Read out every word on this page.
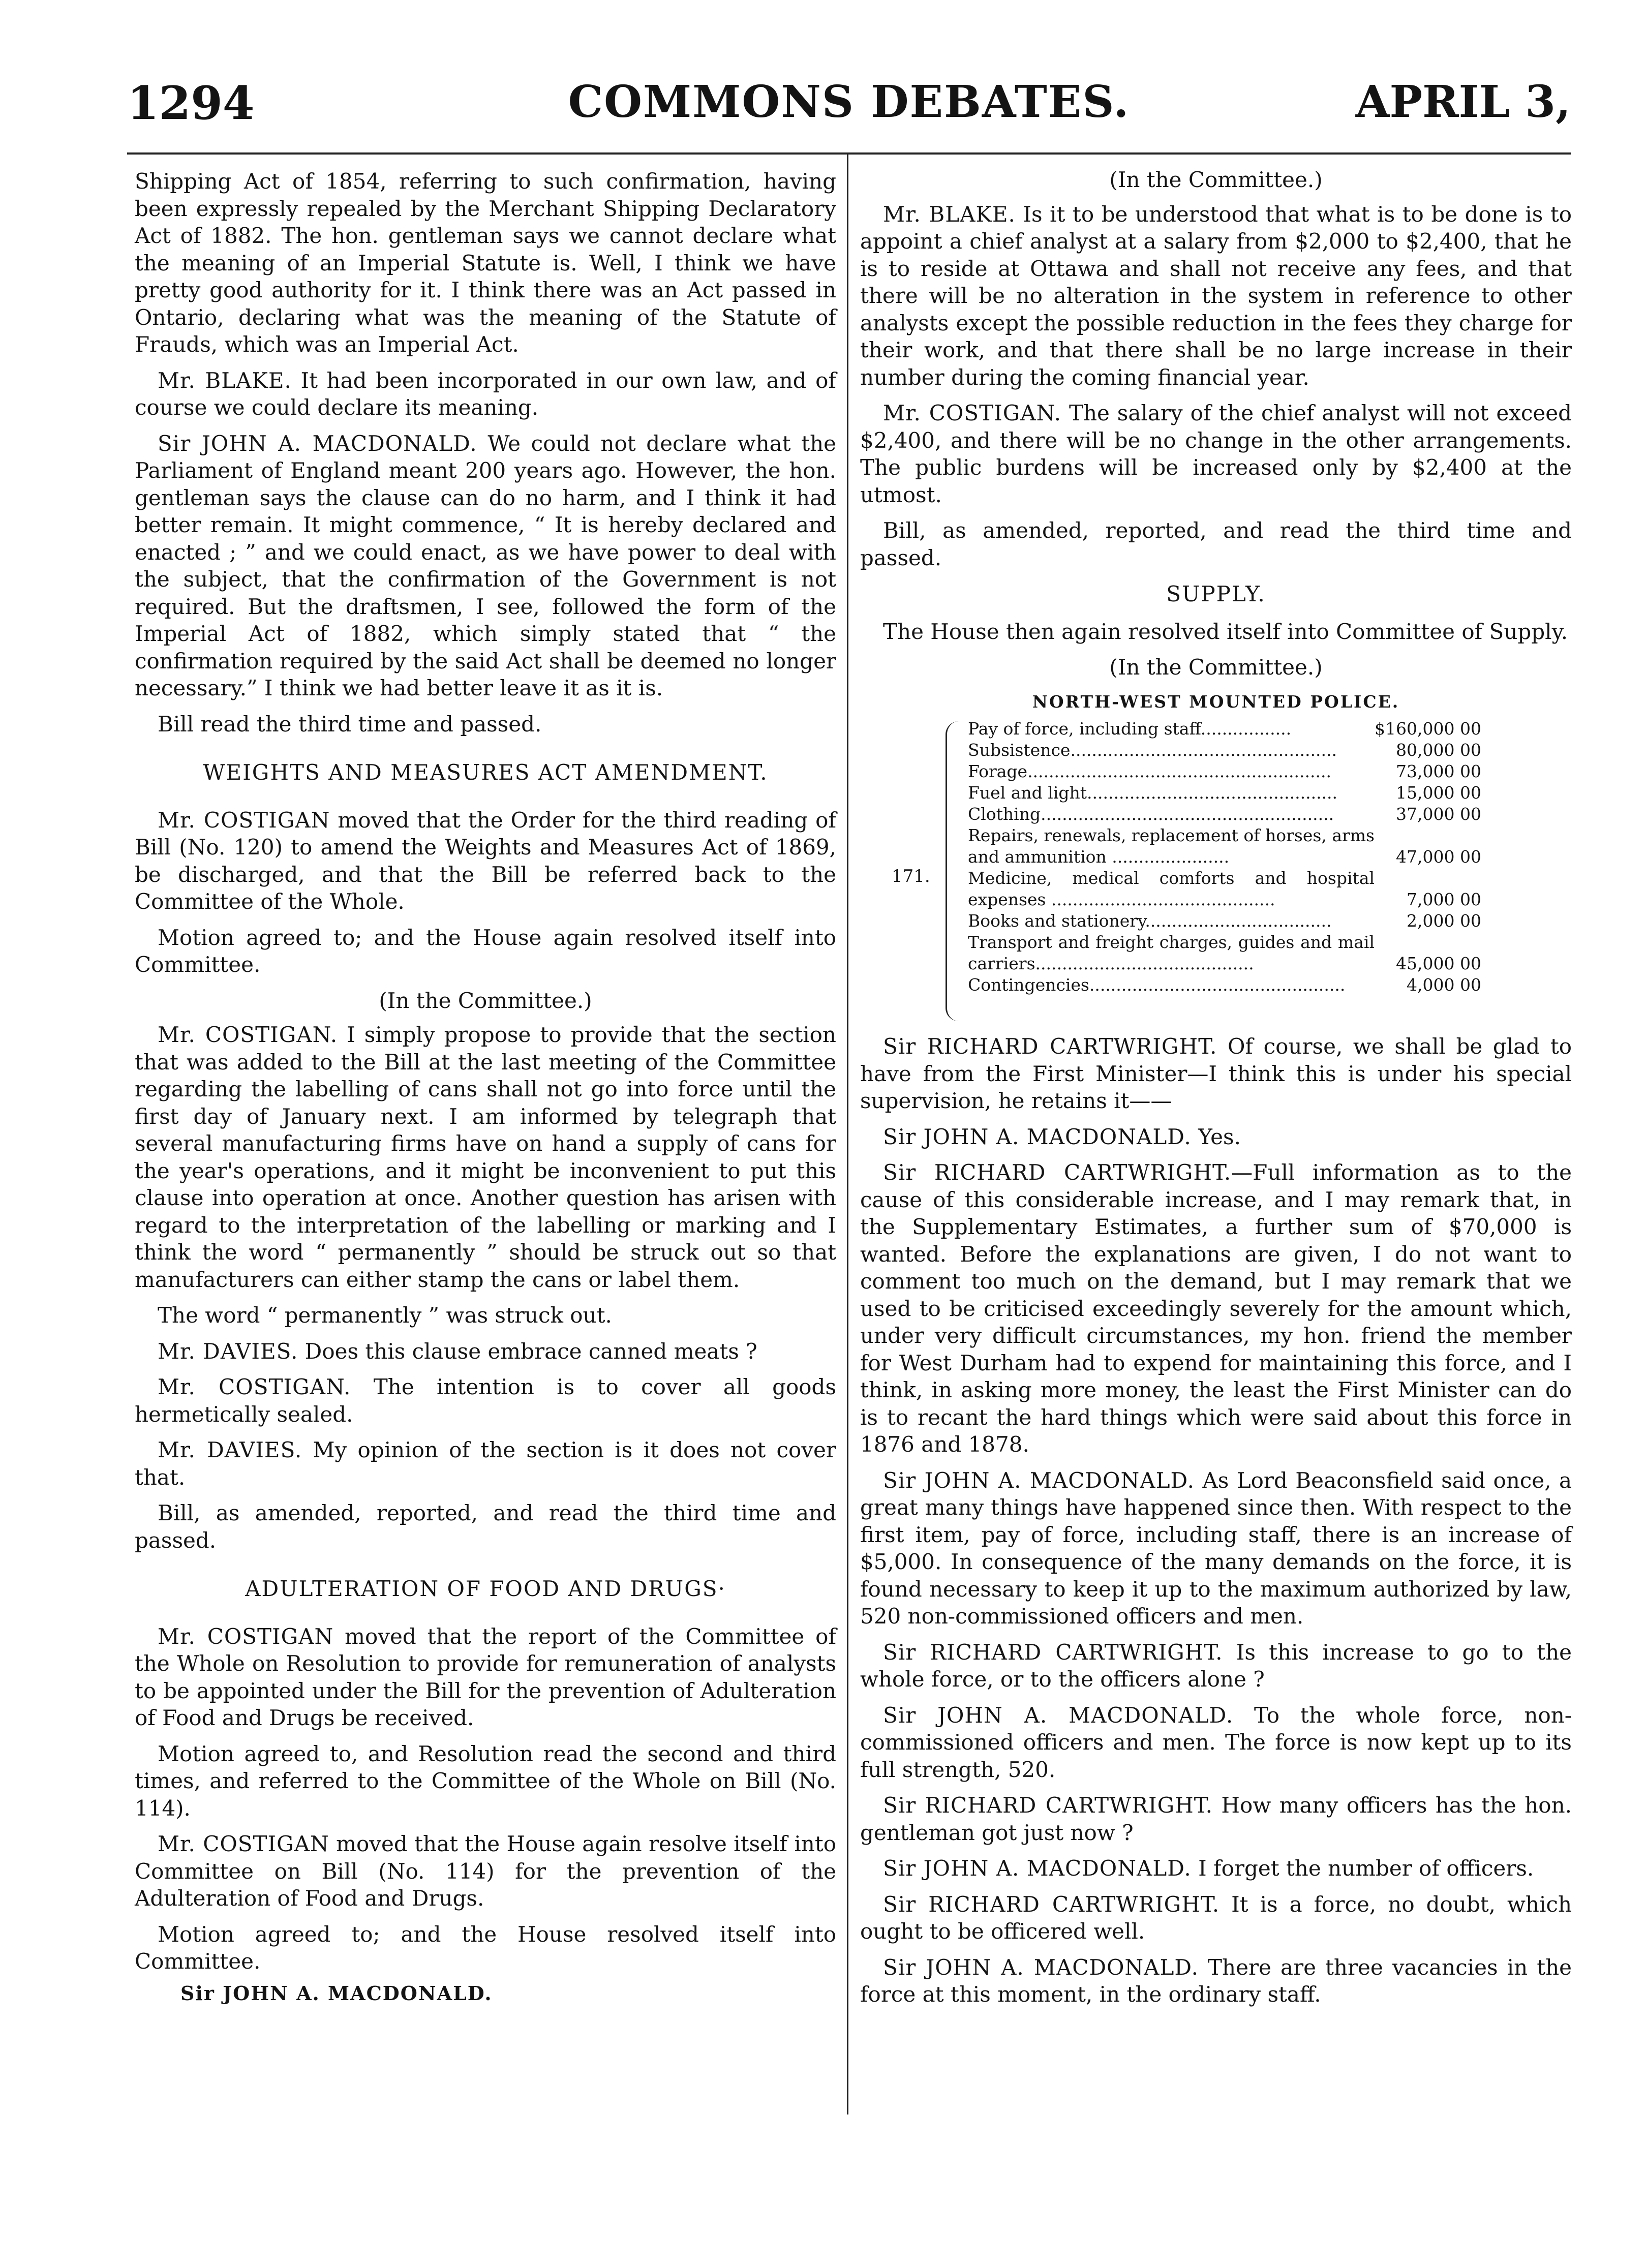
1294	COMMONS DEBATES.	APRIL 3,

Shipping Act of 1854, referring to such confirmation, having been expressly repealed by the Merchant Shipping Declaratory Act of 1882. The hon. gentleman says we cannot declare what the meaning of an Imperial Statute is. Well, I think we have pretty good authority for it. I think there was an Act passed in Ontario, declaring what was the meaning of the Statute of Frauds, which was an Imperial Act.

Mr. BLAKE. It had been incorporated in our own law, and of course we could declare its meaning.

Sir JOHN A. MACDONALD. We could not declare what the Parliament of England meant 200 years ago. However, the hon. gentleman says the clause can do no harm, and I think it had better remain. It might commence, “ It is hereby declared and enacted ; ” and we could enact, as we have power to deal with the subject, that the confirmation of the Government is not required. But the draftsmen, I see, followed the form of the Imperial Act of 1882, which simply stated that “ the confirmation required by the said Act shall be deemed no longer necessary.” I think we had better leave it as it is.

Bill read the third time and passed.

WEIGHTS AND MEASURES ACT AMENDMENT.

Mr. COSTIGAN moved that the Order for the third reading of Bill (No. 120) to amend the Weights and Measures Act of 1869, be discharged, and that the Bill be referred back to the Committee of the Whole.

Motion agreed to; and the House again resolved itself into Committee.

(In the Committee.)

Mr. COSTIGAN. I simply propose to provide that the section that was added to the Bill at the last meeting of the Committee regarding the labelling of cans shall not go into force until the first day of January next. I am informed by telegraph that several manufacturing firms have on hand a supply of cans for the year's operations, and it might be inconvenient to put this clause into operation at once. Another question has arisen with regard to the interpretation of the labelling or marking and I think the word “ permanently ” should be struck out so that manufacturers can either stamp the cans or label them.

The word “ permanently ” was struck out.

Mr. DAVIES. Does this clause embrace canned meats ?

Mr. COSTIGAN. The intention is to cover all goods hermetically sealed.

Mr. DAVIES. My opinion of the section is it does not cover that.

Bill, as amended, reported, and read the third time and passed.

ADULTERATION OF FOOD AND DRUGS·

Mr. COSTIGAN moved that the report of the Committee of the Whole on Resolution to provide for remuneration of analysts to be appointed under the Bill for the prevention of Adulteration of Food and Drugs be received.

Motion agreed to, and Resolution read the second and third times, and referred to the Committee of the Whole on Bill (No. 114).

Mr. COSTIGAN moved that the House again resolve itself into Committee on Bill (No. 114) for the prevention of the Adulteration of Food and Drugs.

Motion agreed to; and the House resolved itself into Committee.

Sir JOHN A. MACDONALD.
(In the Committee.)

Mr. BLAKE. Is it to be understood that what is to be done is to appoint a chief analyst at a salary from $2,000 to $2,400, that he is to reside at Ottawa and shall not receive any fees, and that there will be no alteration in the system in reference to other analysts except the possible reduction in the fees they charge for their work, and that there shall be no large increase in their number during the coming financial year.

Mr. COSTIGAN. The salary of the chief analyst will not exceed $2,400, and there will be no change in the other arrangements. The public burdens will be increased only by $2,400 at the utmost.

Bill, as amended, reported, and read the third time and passed.

SUPPLY.

The House then again resolved itself into Committee of Supply.

(In the Committee.)
NORTH-WEST MOUNTED POLICE.
171.
Pay of force, including staff.................	$160,000 00
Subsistence..................................................	80,000 00
Forage.........................................................	73,000 00
Fuel and light...............................................	15,000 00
Clothing.......................................................	37,000 00
Repairs, renewals, replacement of horses, arms and ammunition ......................	47,000 00
Medicine, medical comforts and hospital expenses ..........................................	7,000 00
Books and stationery...................................	2,000 00
Transport and freight charges, guides and mail carriers.........................................	45,000 00
Contingencies................................................	4,000 00

Sir RICHARD CARTWRIGHT. Of course, we shall be glad to have from the First Minister—I think this is under his special supervision, he retains it——

Sir JOHN A. MACDONALD. Yes.

Sir RICHARD CARTWRIGHT.—Full information as to the cause of this considerable increase, and I may remark that, in the Supplementary Estimates, a further sum of $70,000 is wanted. Before the explanations are given, I do not want to comment too much on the demand, but I may remark that we used to be criticised exceedingly severely for the amount which, under very difficult circumstances, my hon. friend the member for West Durham had to expend for maintaining this force, and I think, in asking more money, the least the First Minister can do is to recant the hard things which were said about this force in 1876 and 1878.

Sir JOHN A. MACDONALD. As Lord Beaconsfield said once, a great many things have happened since then. With respect to the first item, pay of force, including staff, there is an increase of $5,000. In consequence of the many demands on the force, it is found necessary to keep it up to the maximum authorized by law, 520 non-commissioned officers and men.

Sir RICHARD CARTWRIGHT. Is this increase to go to the whole force, or to the officers alone ?

Sir JOHN A. MACDONALD. To the whole force, non-commissioned officers and men. The force is now kept up to its full strength, 520.

Sir RICHARD CARTWRIGHT. How many officers has the hon. gentleman got just now ?

Sir JOHN A. MACDONALD. I forget the number of officers.

Sir RICHARD CARTWRIGHT. It is a force, no doubt, which ought to be officered well.

Sir JOHN A. MACDONALD. There are three vacancies in the force at this moment, in the ordinary staff.
